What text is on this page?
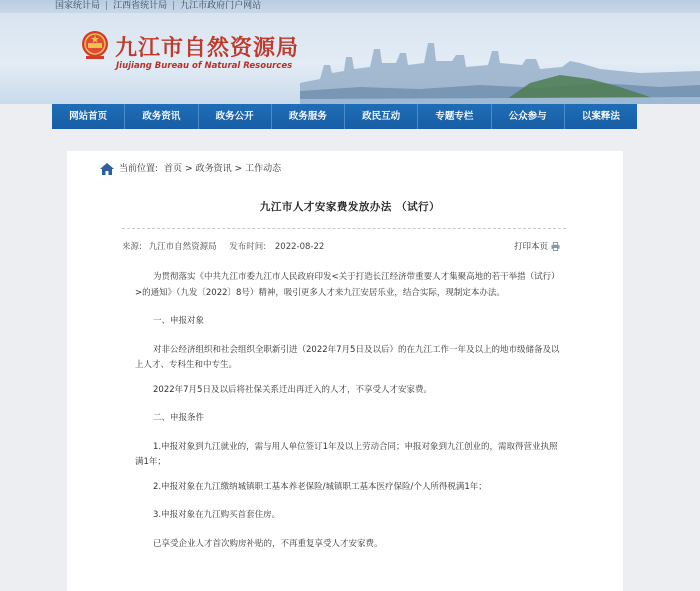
国家统计局 | 江西省统计局 | 九江市政府门户网站
九江市自然资源局
Jiujiang Bureau of Natural Resources
网站首页	政务资讯	政务公开	政务服务	政民互动	专题专栏	公众参与	以案释法
当前位置: 首页 > 政务资讯 > 工作动态
九江市人才安家费发放办法 （试行）
来源: 九江市自然资源局 发布时间: 2022-08-22	打印本页

为贯彻落实《中共九江市委九江市人民政府印发<关于打造长江经济带重要人才集聚高地的若干举措（试行）>的通知》（九发〔2022〕8号）精神，吸引更多人才来九江安居乐业，结合实际，现制定本办法。

一、申报对象

对非公经济组织和社会组织全职新引进（2022年7月5日及以后）的在九江工作一年及以上的地市级储备及以上人才、专科生和中专生。

2022年7月5日及以后将社保关系迁出再迁入的人才，不享受人才安家费。

二、申报条件

1.申报对象到九江就业的，需与用人单位签订1年及以上劳动合同；申报对象到九江创业的，需取得营业执照满1年；

2.申报对象在九江缴纳城镇职工基本养老保险/城镇职工基本医疗保险/个人所得税满1年；

3.申报对象在九江购买首套住房。

已享受企业人才首次购房补贴的，不再重复享受人才安家费。
